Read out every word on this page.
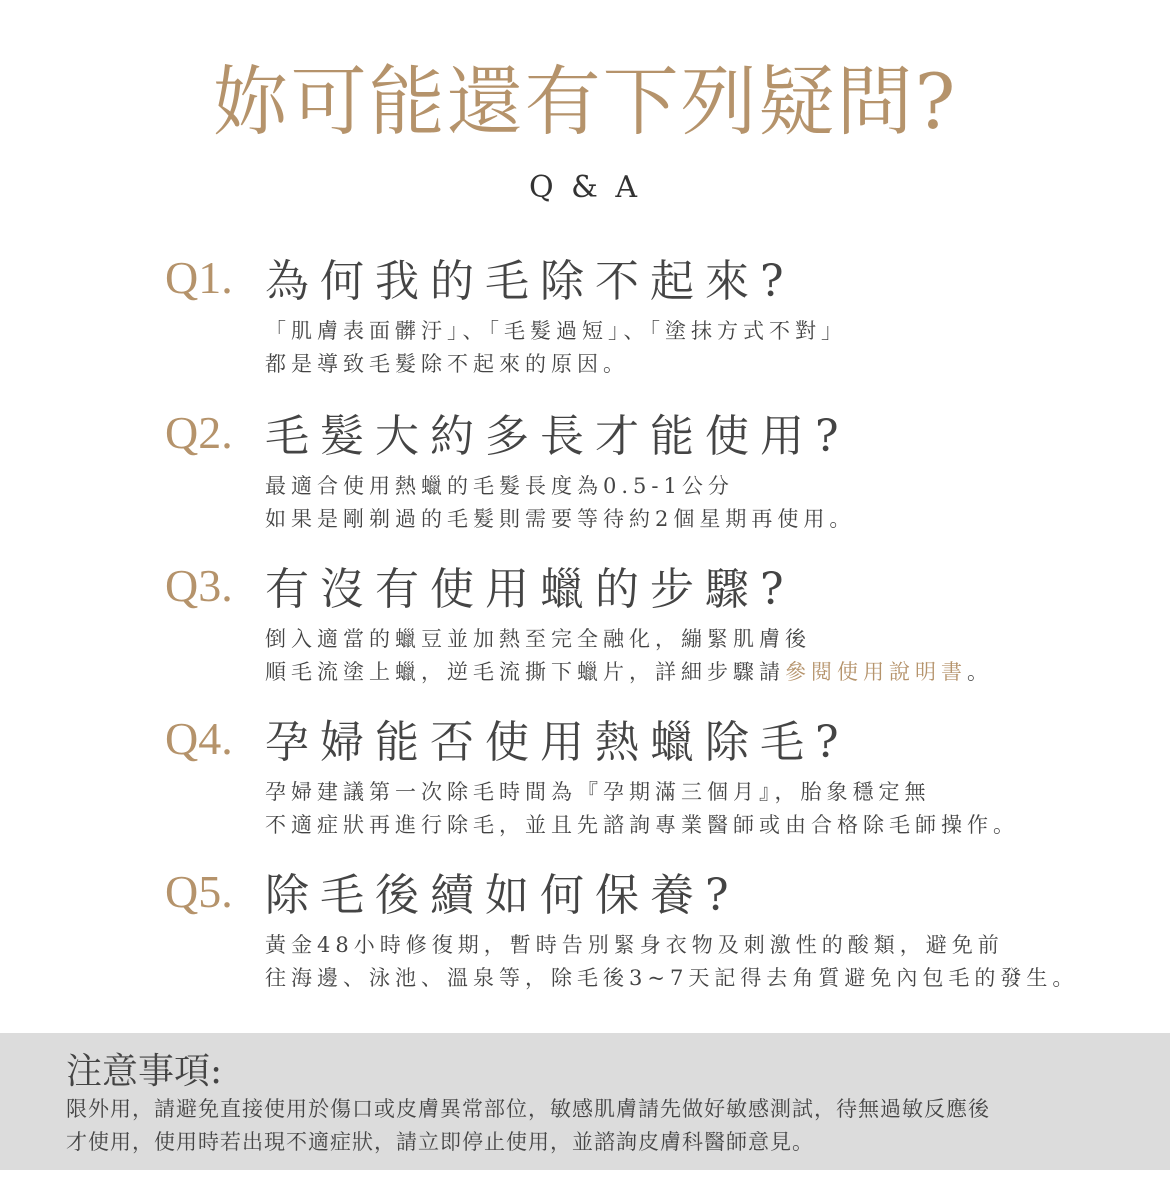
妳可能還有下列疑問?
Q & A
Q1. 為何我的毛除不起來?
「肌膚表面髒汙」、「毛髮過短」、「塗抹方式不對」
都是導致毛髮除不起來的原因。
Q2. 毛髮大約多長才能使用?
最適合使用熱蠟的毛髮長度為0.5-1公分
如果是剛剃過的毛髮則需要等待約2個星期再使用。
Q3. 有沒有使用蠟的步驟?
倒入適當的蠟豆並加熱至完全融化，繃緊肌膚後
順毛流塗上蠟，逆毛流撕下蠟片，詳細步驟請參閱使用說明書。
Q4. 孕婦能否使用熱蠟除毛?
孕婦建議第一次除毛時間為『孕期滿三個月』，胎象穩定無
不適症狀再進行除毛，並且先諮詢專業醫師或由合格除毛師操作。
Q5. 除毛後續如何保養?
黃金48小時修復期，暫時告別緊身衣物及刺激性的酸類，避免前
往海邊、泳池、溫泉等，除毛後3~7天記得去角質避免內包毛的發生。
注意事項:
限外用，請避免直接使用於傷口或皮膚異常部位，敏感肌膚請先做好敏感測試，待無過敏反應後
才使用，使用時若出現不適症狀，請立即停止使用，並諮詢皮膚科醫師意見。
